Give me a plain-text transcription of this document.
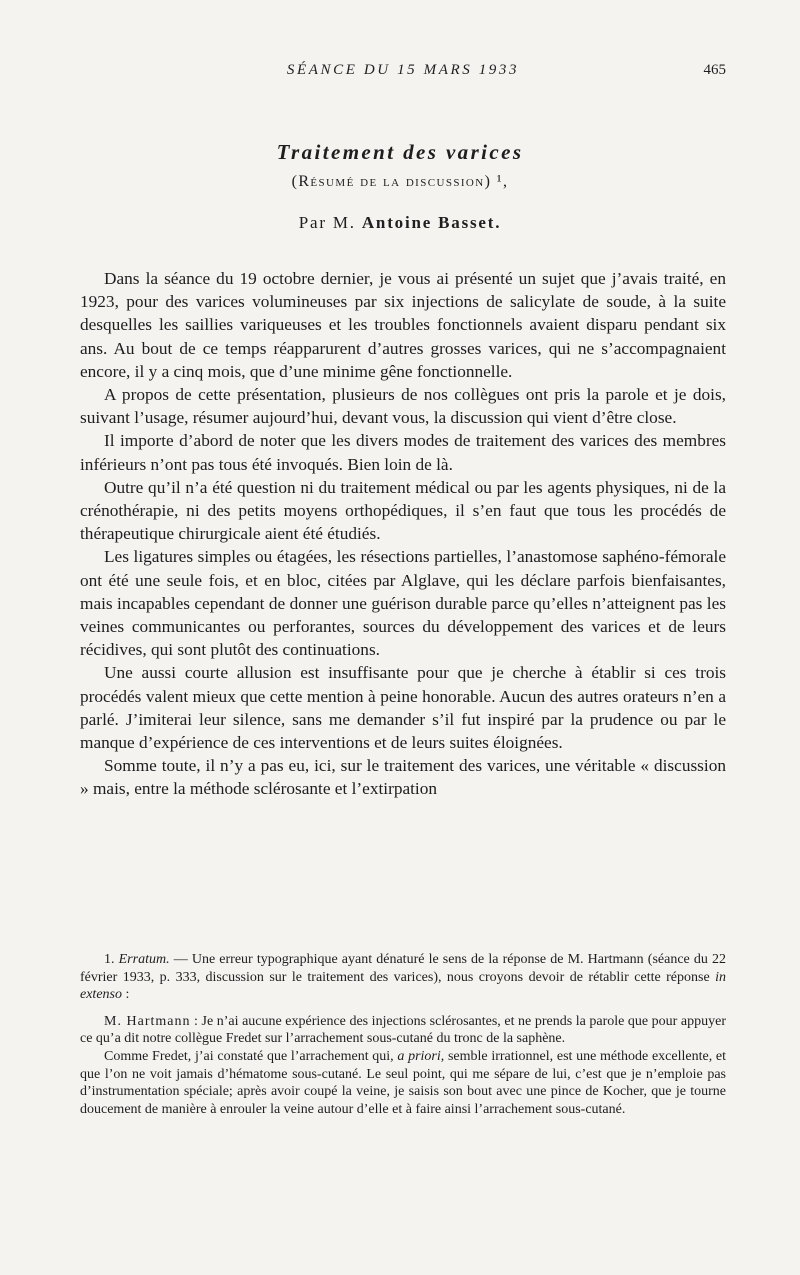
SÉANCE DU 15 MARS 1933	465
Traitement des varices
(Résumé de la discussion) ¹,
Par M. Antoine Basset.

Dans la séance du 19 octobre dernier, je vous ai présenté un sujet que j’avais traité, en 1923, pour des varices volumineuses par six injections de salicylate de soude, à la suite desquelles les saillies variqueuses et les troubles fonctionnels avaient disparu pendant six ans. Au bout de ce temps réapparurent d’autres grosses varices, qui ne s’accompagnaient encore, il y a cinq mois, que d’une minime gêne fonctionnelle.

A propos de cette présentation, plusieurs de nos collègues ont pris la parole et je dois, suivant l’usage, résumer aujourd’hui, devant vous, la discussion qui vient d’être close.

Il importe d’abord de noter que les divers modes de traitement des varices des membres inférieurs n’ont pas tous été invoqués. Bien loin de là.

Outre qu’il n’a été question ni du traitement médical ou par les agents physiques, ni de la crénothérapie, ni des petits moyens orthopédiques, il s’en faut que tous les procédés de thérapeutique chirurgicale aient été étudiés.

Les ligatures simples ou étagées, les résections partielles, l’anastomose saphéno-fémorale ont été une seule fois, et en bloc, citées par Alglave, qui les déclare parfois bienfaisantes, mais incapables cependant de donner une guérison durable parce qu’elles n’atteignent pas les veines communicantes ou perforantes, sources du développement des varices et de leurs récidives, qui sont plutôt des continuations.

Une aussi courte allusion est insuffisante pour que je cherche à établir si ces trois procédés valent mieux que cette mention à peine honorable. Aucun des autres orateurs n’en a parlé. J’imiterai leur silence, sans me demander s’il fut inspiré par la prudence ou par le manque d’expérience de ces interventions et de leurs suites éloignées.

Somme toute, il n’y a pas eu, ici, sur le traitement des varices, une véritable « discussion » mais, entre la méthode sclérosante et l’extirpation

1. Erratum. — Une erreur typographique ayant dénaturé le sens de la réponse de M. Hartmann (séance du 22 février 1933, p. 333, discussion sur le traitement des varices), nous croyons devoir de rétablir cette réponse in extenso :

M. Hartmann : Je n’ai aucune expérience des injections sclérosantes, et ne prends la parole que pour appuyer ce qu’a dit notre collègue Fredet sur l’arrachement sous-cutané du tronc de la saphène.

Comme Fredet, j’ai constaté que l’arrachement qui, a priori, semble irrationnel, est une méthode excellente, et que l’on ne voit jamais d’hématome sous-cutané. Le seul point, qui me sépare de lui, c’est que je n’emploie pas d’instrumentation spéciale; après avoir coupé la veine, je saisis son bout avec une pince de Kocher, que je tourne doucement de manière à enrouler la veine autour d’elle et à faire ainsi l’arrachement sous-cutané.
